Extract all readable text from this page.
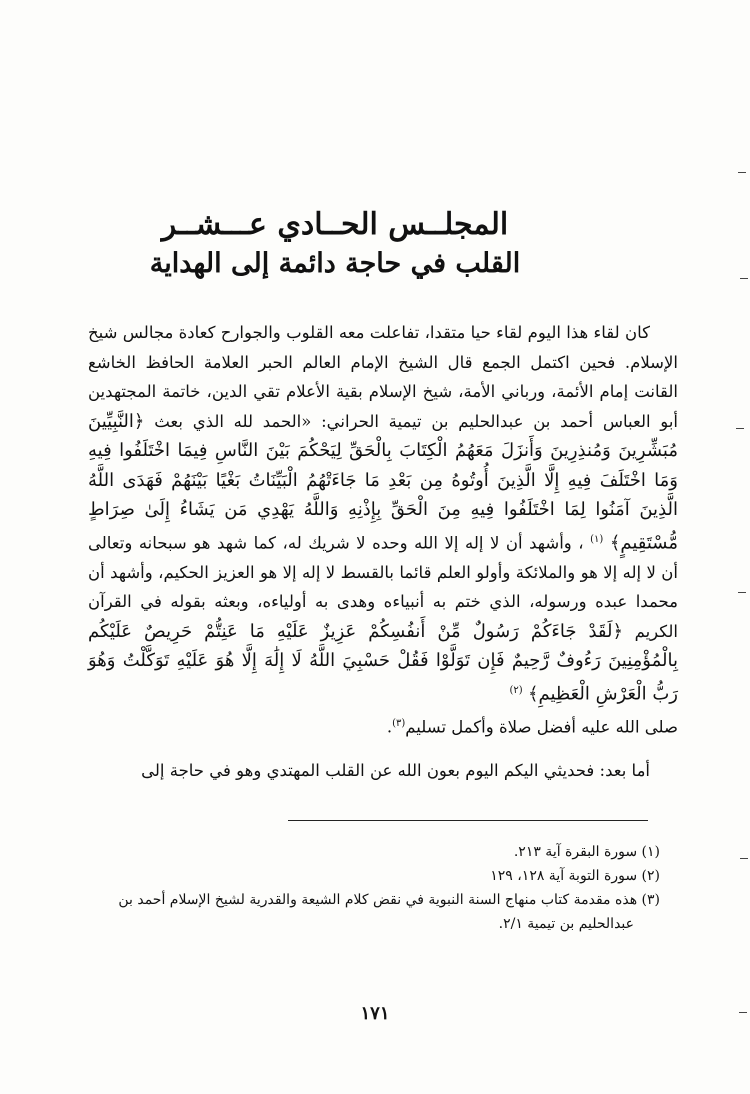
المجلــس الحــادي عـــشــر
القلب في حاجة دائمة إلى الهداية

كان لقاء هذا اليوم لقاء حيا متقدا، تفاعلت معه القلوب والجوارح كعادة مجالس شيخ الإسلام. فحين اكتمل الجمع قال الشيخ الإمام العالم الحبر العلامة الحافظ الخاشع القانت إمام الأئمة، ورباني الأمة، شيخ الإسلام بقية الأعلام تقي الدين، خاتمة المجتهدين أبو العباس أحمد بن عبدالحليم بن تيمية الحراني: «الحمد لله الذي بعث ﴿النَّبِيِّينَ مُبَشِّرِينَ وَمُنذِرِينَ وَأَنزَلَ مَعَهُمُ الْكِتَابَ بِالْحَقِّ لِيَحْكُمَ بَيْنَ النَّاسِ فِيمَا اخْتَلَفُوا فِيهِ وَمَا اخْتَلَفَ فِيهِ إِلَّا الَّذِينَ أُوتُوهُ مِن بَعْدِ مَا جَاءَتْهُمُ الْبَيِّنَاتُ بَغْيًا بَيْنَهُمْ فَهَدَى اللَّهُ الَّذِينَ آمَنُوا لِمَا اخْتَلَفُوا فِيهِ مِنَ الْحَقِّ بِإِذْنِهِ وَاللَّهُ يَهْدِي مَن يَشَاءُ إِلَىٰ صِرَاطٍ مُّسْتَقِيمٍ﴾ $^{(١)}$ ، وأشهد أن لا إله إلا الله وحده لا شريك له، كما شهد هو سبحانه وتعالى أن لا إله إلا هو والملائكة وأولو العلم قائما بالقسط لا إله إلا هو العزيز الحكيم، وأشهد أن محمدا عبده ورسوله، الذي ختم به أنبياءه وهدى به أولياءه، وبعثه بقوله في القرآن الكريم ﴿لَقَدْ جَاءَكُمْ رَسُولٌ مِّنْ أَنفُسِكُمْ عَزِيزٌ عَلَيْهِ مَا عَنِتُّمْ حَرِيصٌ عَلَيْكُم بِالْمُؤْمِنِينَ رَءُوفٌ رَّحِيمٌ فَإِن تَوَلَّوْا فَقُلْ حَسْبِيَ اللَّهُ لَا إِلَٰهَ إِلَّا هُوَ عَلَيْهِ تَوَكَّلْتُ وَهُوَ رَبُّ الْعَرْشِ الْعَظِيمِ﴾ $^{(٢)}$

صلى الله عليه أفضل صلاة وأكمل تسليم$^{(٣)}$.

أما بعد: فحديثي اليكم اليوم بعون الله عن القلب المهتدي وهو في حاجة إلى

(١) سورة البقرة آية ٢١٣.
(٢) سورة التوبة آية ١٢٨، ١٢٩
(٣) هذه مقدمة كتاب منهاج السنة النبوية في نقض كلام الشيعة والقدرية لشيخ الإسلام أحمد بن عبدالحليم بن تيمية ٢/١.
١٧١
